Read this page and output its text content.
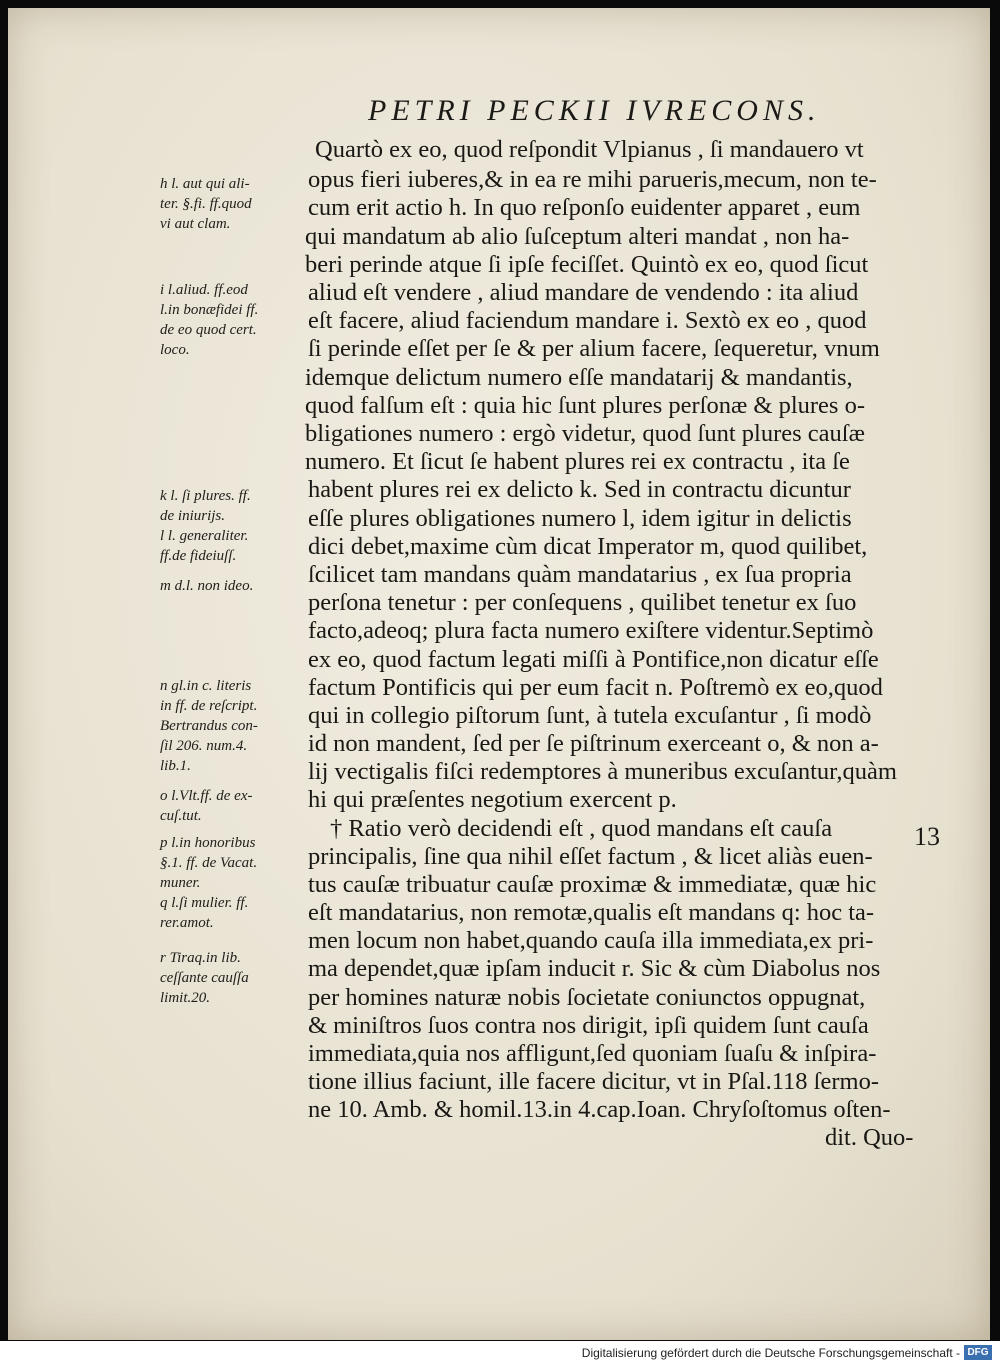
PETRI PECKII IVRECONS.
Quartò ex eo, quod reſpondit Vlpianus , ſi mandauero vt
opus fieri iuberes,& in ea re mihi parueris,mecum, non te-
cum erit actio h. In quo reſponſo euidenter apparet , eum
qui mandatum ab alio ſuſceptum alteri mandat , non ha-
beri perinde atque ſi ipſe feciſſet. Quintò ex eo, quod ſicut
aliud eſt vendere , aliud mandare de vendendo : ita aliud
eſt facere, aliud faciendum mandare i. Sextò ex eo , quod
ſi perinde eſſet per ſe & per alium facere, ſequeretur, vnum
idemque delictum numero eſſe mandatarij & mandantis,
quod falſum eſt : quia hic ſunt plures perſonæ & plures o-
bligationes numero : ergò videtur, quod ſunt plures cauſæ
numero. Et ſicut ſe habent plures rei ex contractu , ita ſe
habent plures rei ex delicto k. Sed in contractu dicuntur
eſſe plures obligationes numero l, idem igitur in delictis
dici debet,maxime cùm dicat Imperator m, quod quilibet,
ſcilicet tam mandans quàm mandatarius , ex ſua propria
perſona tenetur : per conſequens , quilibet tenetur ex ſuo
facto,adeoq; plura facta numero exiſtere videntur.Septimò
ex eo, quod factum legati miſſi à Pontifice,non dicatur eſſe
factum Pontificis qui per eum facit n. Poſtremò ex eo,quod
qui in collegio piſtorum ſunt, à tutela excuſantur , ſi modò
id non mandent, ſed per ſe piſtrinum exerceant o, & non a-
lij vectigalis fiſci redemptores à muneribus excuſantur,quàm
hi qui præſentes negotium exercent p.
† Ratio verò decidendi eſt , quod mandans eſt cauſa
principalis, ſine qua nihil eſſet factum , & licet aliàs euen-
tus cauſæ tribuatur cauſæ proximæ & immediatæ, quæ hic
eſt mandatarius, non remotæ,qualis eſt mandans q: hoc ta-
men locum non habet,quando cauſa illa immediata,ex pri-
ma dependet,quæ ipſam inducit r. Sic & cùm Diabolus nos
per homines naturæ nobis ſocietate coniunctos oppugnat,
& miniſtros ſuos contra nos dirigit, ipſi quidem ſunt cauſa
immediata,quia nos affligunt,ſed quoniam ſuaſu & inſpira-
tione illius faciunt, ille facere dicitur, vt in Pſal.118 ſermo-
ne 10. Amb. & homil.13.in 4.cap.Ioan. Chryſoſtomus oſten-
dit. Quo-
h l. aut qui ali-
ter. §.fi. ff.quod
vi aut clam.
i l.aliud. ff.eod
l.in bonæfidei ff.
de eo quod cert.
loco.
k l. ſi plures. ff.
de iniurijs.
l l. generaliter.
ff.de fideiuſſ.
m d.l. non ideo.
n gl.in c. literis
in ff. de reſcript.
Bertrandus con-
ſil 206. num.4.
lib.1.
o l.Vlt.ff. de ex-
cuſ.tut.
p l.in honoribus
§.1. ff. de Vacat.
muner.
q l.ſi mulier. ff.
rer.amot.
r Tiraq.in lib.
ceſſante cauſſa
limit.20.
13
Digitalisierung gefördert durch die Deutsche Forschungsgemeinschaft - DFG
